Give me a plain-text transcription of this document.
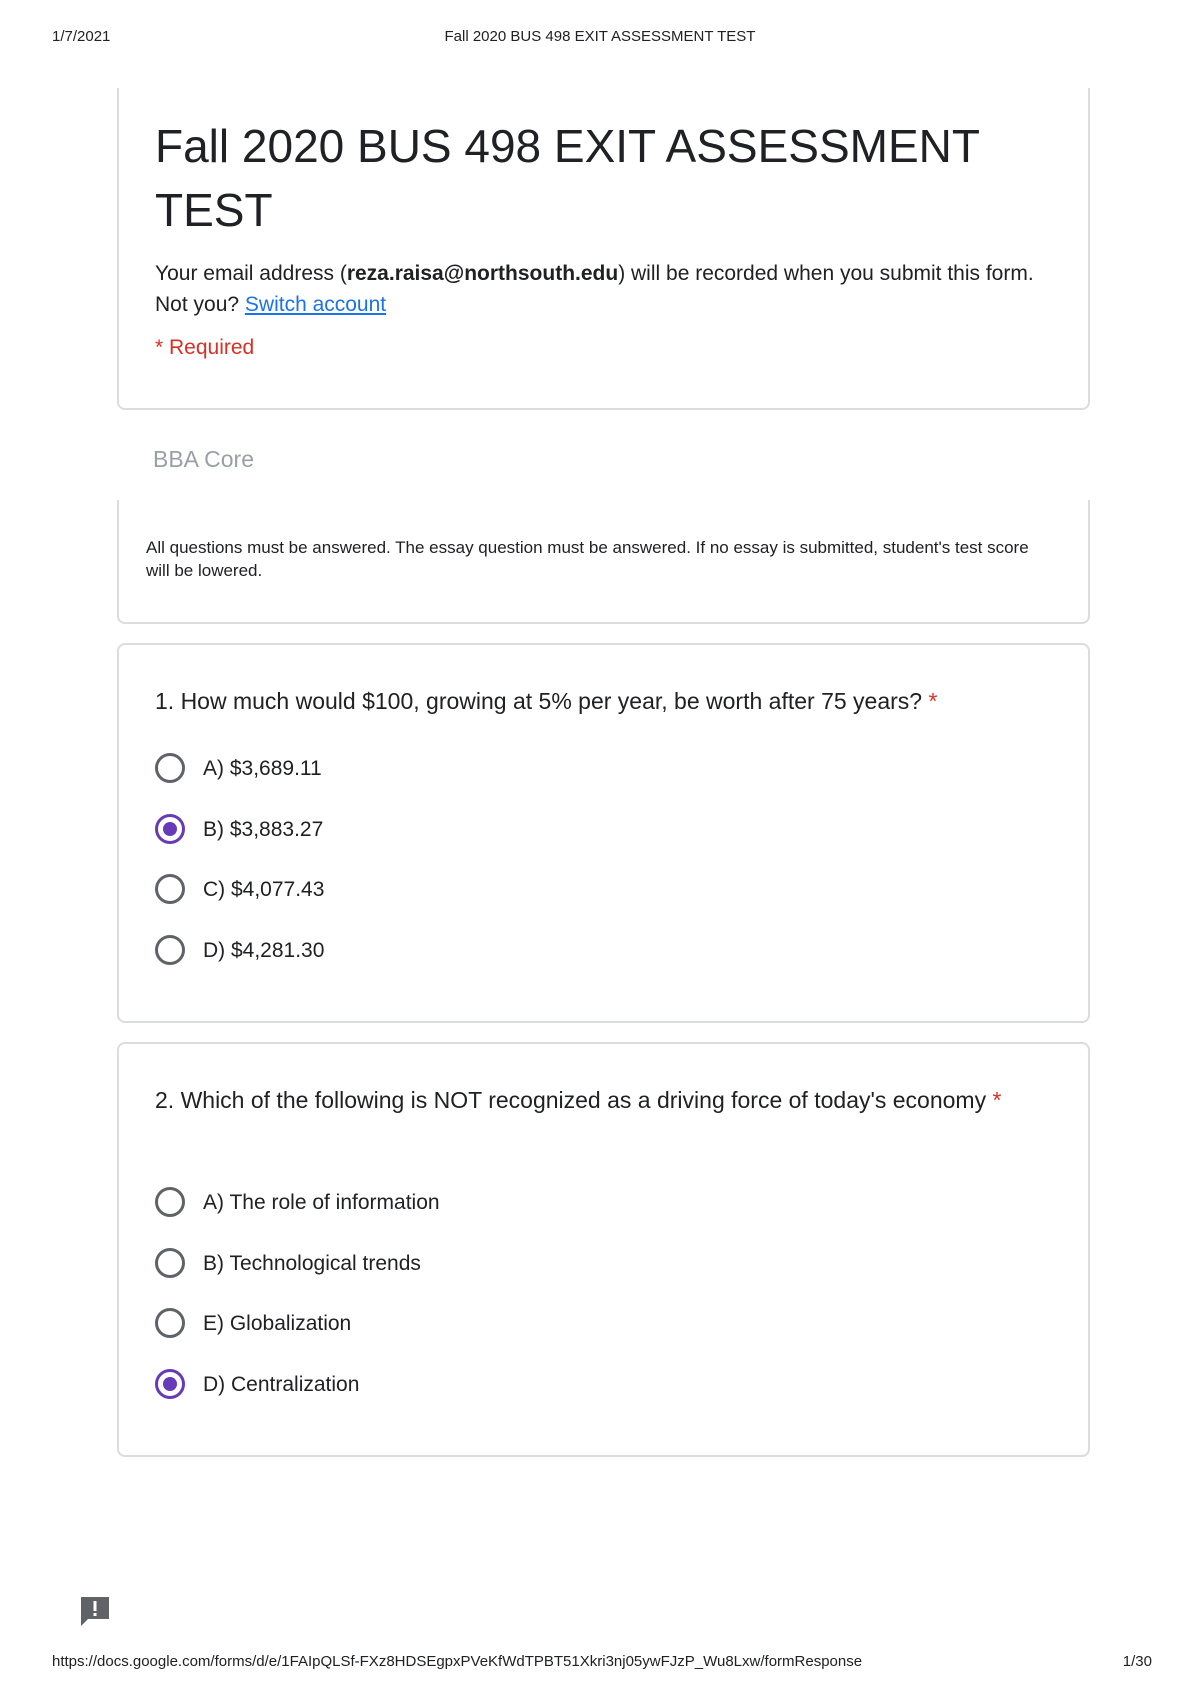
1/7/2021	Fall 2020 BUS 498 EXIT ASSESSMENT TEST
Fall 2020 BUS 498 EXIT ASSESSMENT TEST
Your email address (reza.raisa@northsouth.edu) will be recorded when you submit this form. Not you? Switch account
* Required
BBA Core
All questions must be answered. The essay question must be answered. If no essay is submitted, student's test score will be lowered.
1. How much would $100, growing at 5% per year, be worth after 75 years? *
A) $3,689.11
B) $3,883.27
C) $4,077.43
D) $4,281.30
2. Which of the following is NOT recognized as a driving force of today's economy *
A) The role of information
B) Technological trends
E) Globalization
D) Centralization
https://docs.google.com/forms/d/e/1FAIpQLSf-FXz8HDSEgpxPVeKfWdTPBT51Xkri3nj05ywFJzP_Wu8Lxw/formResponse	1/30
